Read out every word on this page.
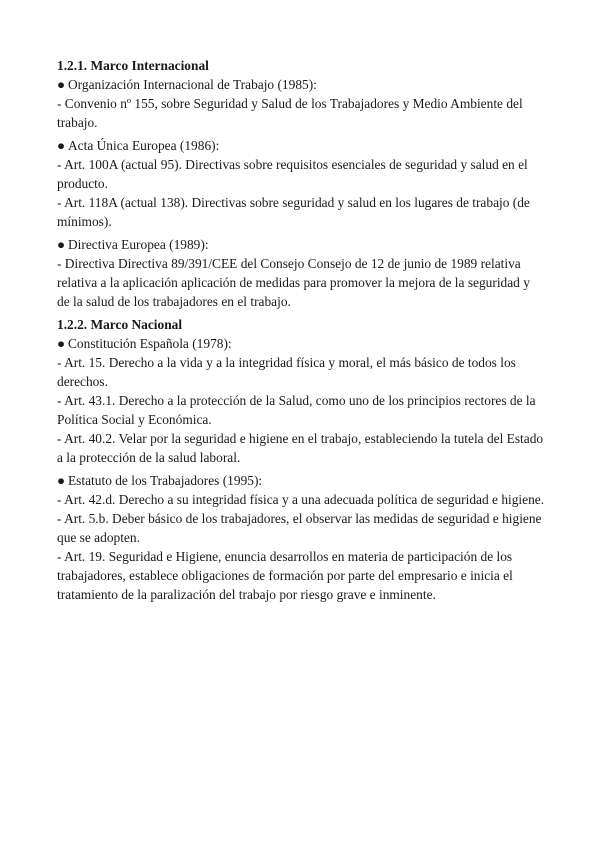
1.2.1. Marco Internacional

● Organización Internacional de Trabajo (1985):

- Convenio nº 155, sobre Seguridad y Salud de los Trabajadores y Medio Ambiente del trabajo.

● Acta Única Europea (1986):

- Art. 100A (actual 95). Directivas sobre requisitos esenciales de seguridad y salud en el producto.

- Art. 118A (actual 138). Directivas sobre seguridad y salud en los lugares de trabajo (de mínimos).

● Directiva Europea (1989):

- Directiva Directiva 89/391/CEE del Consejo Consejo de 12 de junio de 1989 relativa relativa a la aplicación aplicación de medidas para promover la mejora de la seguridad y de la salud de los trabajadores en el trabajo.

1.2.2. Marco Nacional

● Constitución Española (1978):

- Art. 15. Derecho a la vida y a la integridad física y moral, el más básico de todos los derechos.

- Art. 43.1. Derecho a la protección de la Salud, como uno de los principios rectores de la Política Social y Económica.

- Art. 40.2. Velar por la seguridad e higiene en el trabajo, estableciendo la tutela del Estado a la protección de la salud laboral.

● Estatuto de los Trabajadores (1995):

- Art. 42.d. Derecho a su integridad física y a una adecuada política de seguridad e higiene.

- Art. 5.b. Deber básico de los trabajadores, el observar las medidas de seguridad e higiene que se adopten.

- Art. 19. Seguridad e Higiene, enuncia desarrollos en materia de participación de los trabajadores, establece obligaciones de formación por parte del empresario e inicia el tratamiento de la paralización del trabajo por riesgo grave e inminente.
